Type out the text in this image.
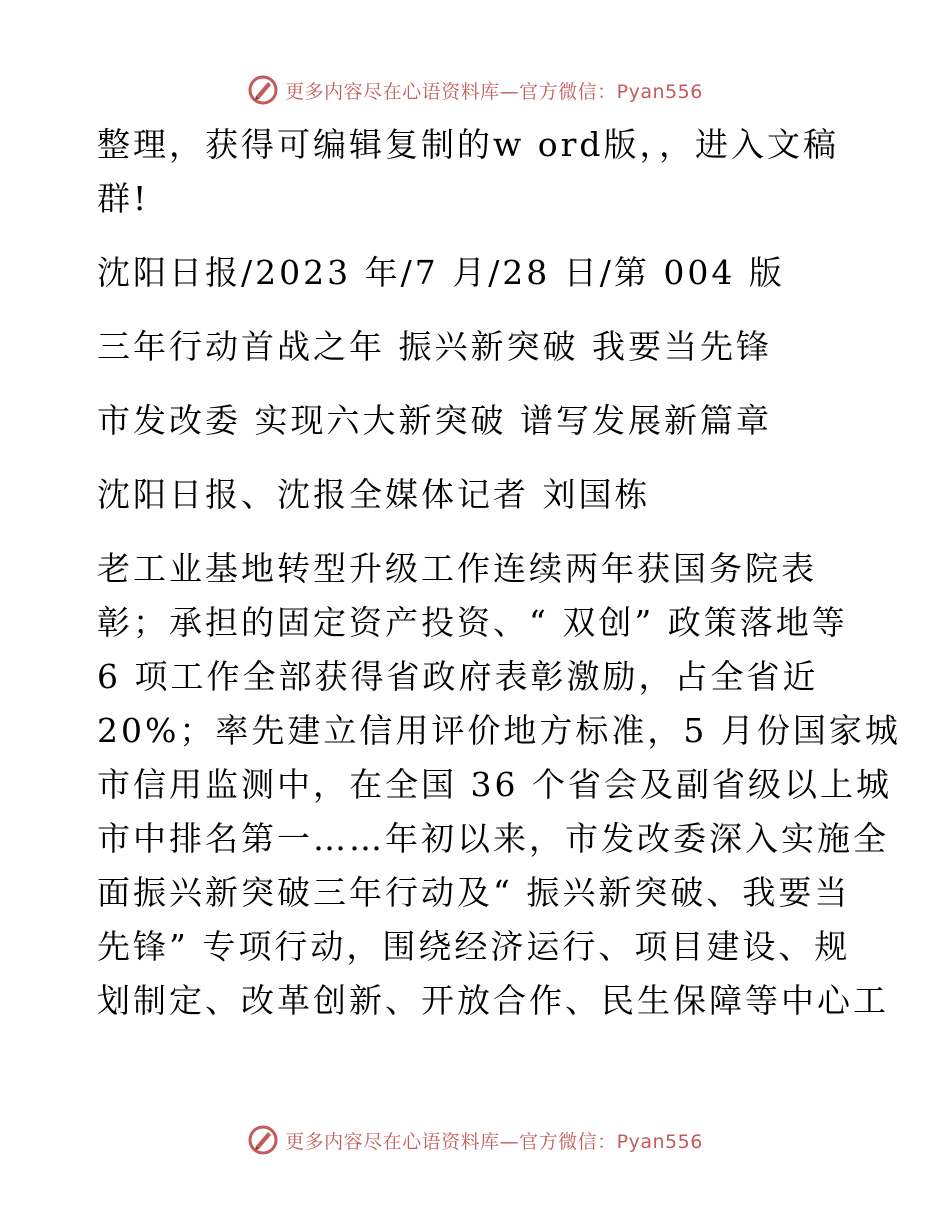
更多内容尽在心语资料库—官方微信：Pyan556

整理，获得可编辑复制的w ord版，，进入文稿

群!

沈阳日报/2023 年/7 月/28 日/第 004 版

三年行动首战之年 振兴新突破 我要当先锋

市发改委 实现六大新突破 谱写发展新篇章

沈阳日报、沈报全媒体记者 刘国栋

老工业基地转型升级工作连续两年获国务院表

彰；承担的固定资产投资、“ 双创” 政策落地等

6 项工作全部获得省政府表彰激励，占全省近

20%；率先建立信用评价地方标准，5 月份国家城

市信用监测中，在全国 36 个省会及副省级以上城

市中排名第一……年初以来，市发改委深入实施全

面振兴新突破三年行动及“ 振兴新突破、我要当

先锋” 专项行动，围绕经济运行、项目建设、规

划制定、改革创新、开放合作、民生保障等中心工

更多内容尽在心语资料库—官方微信：Pyan556
